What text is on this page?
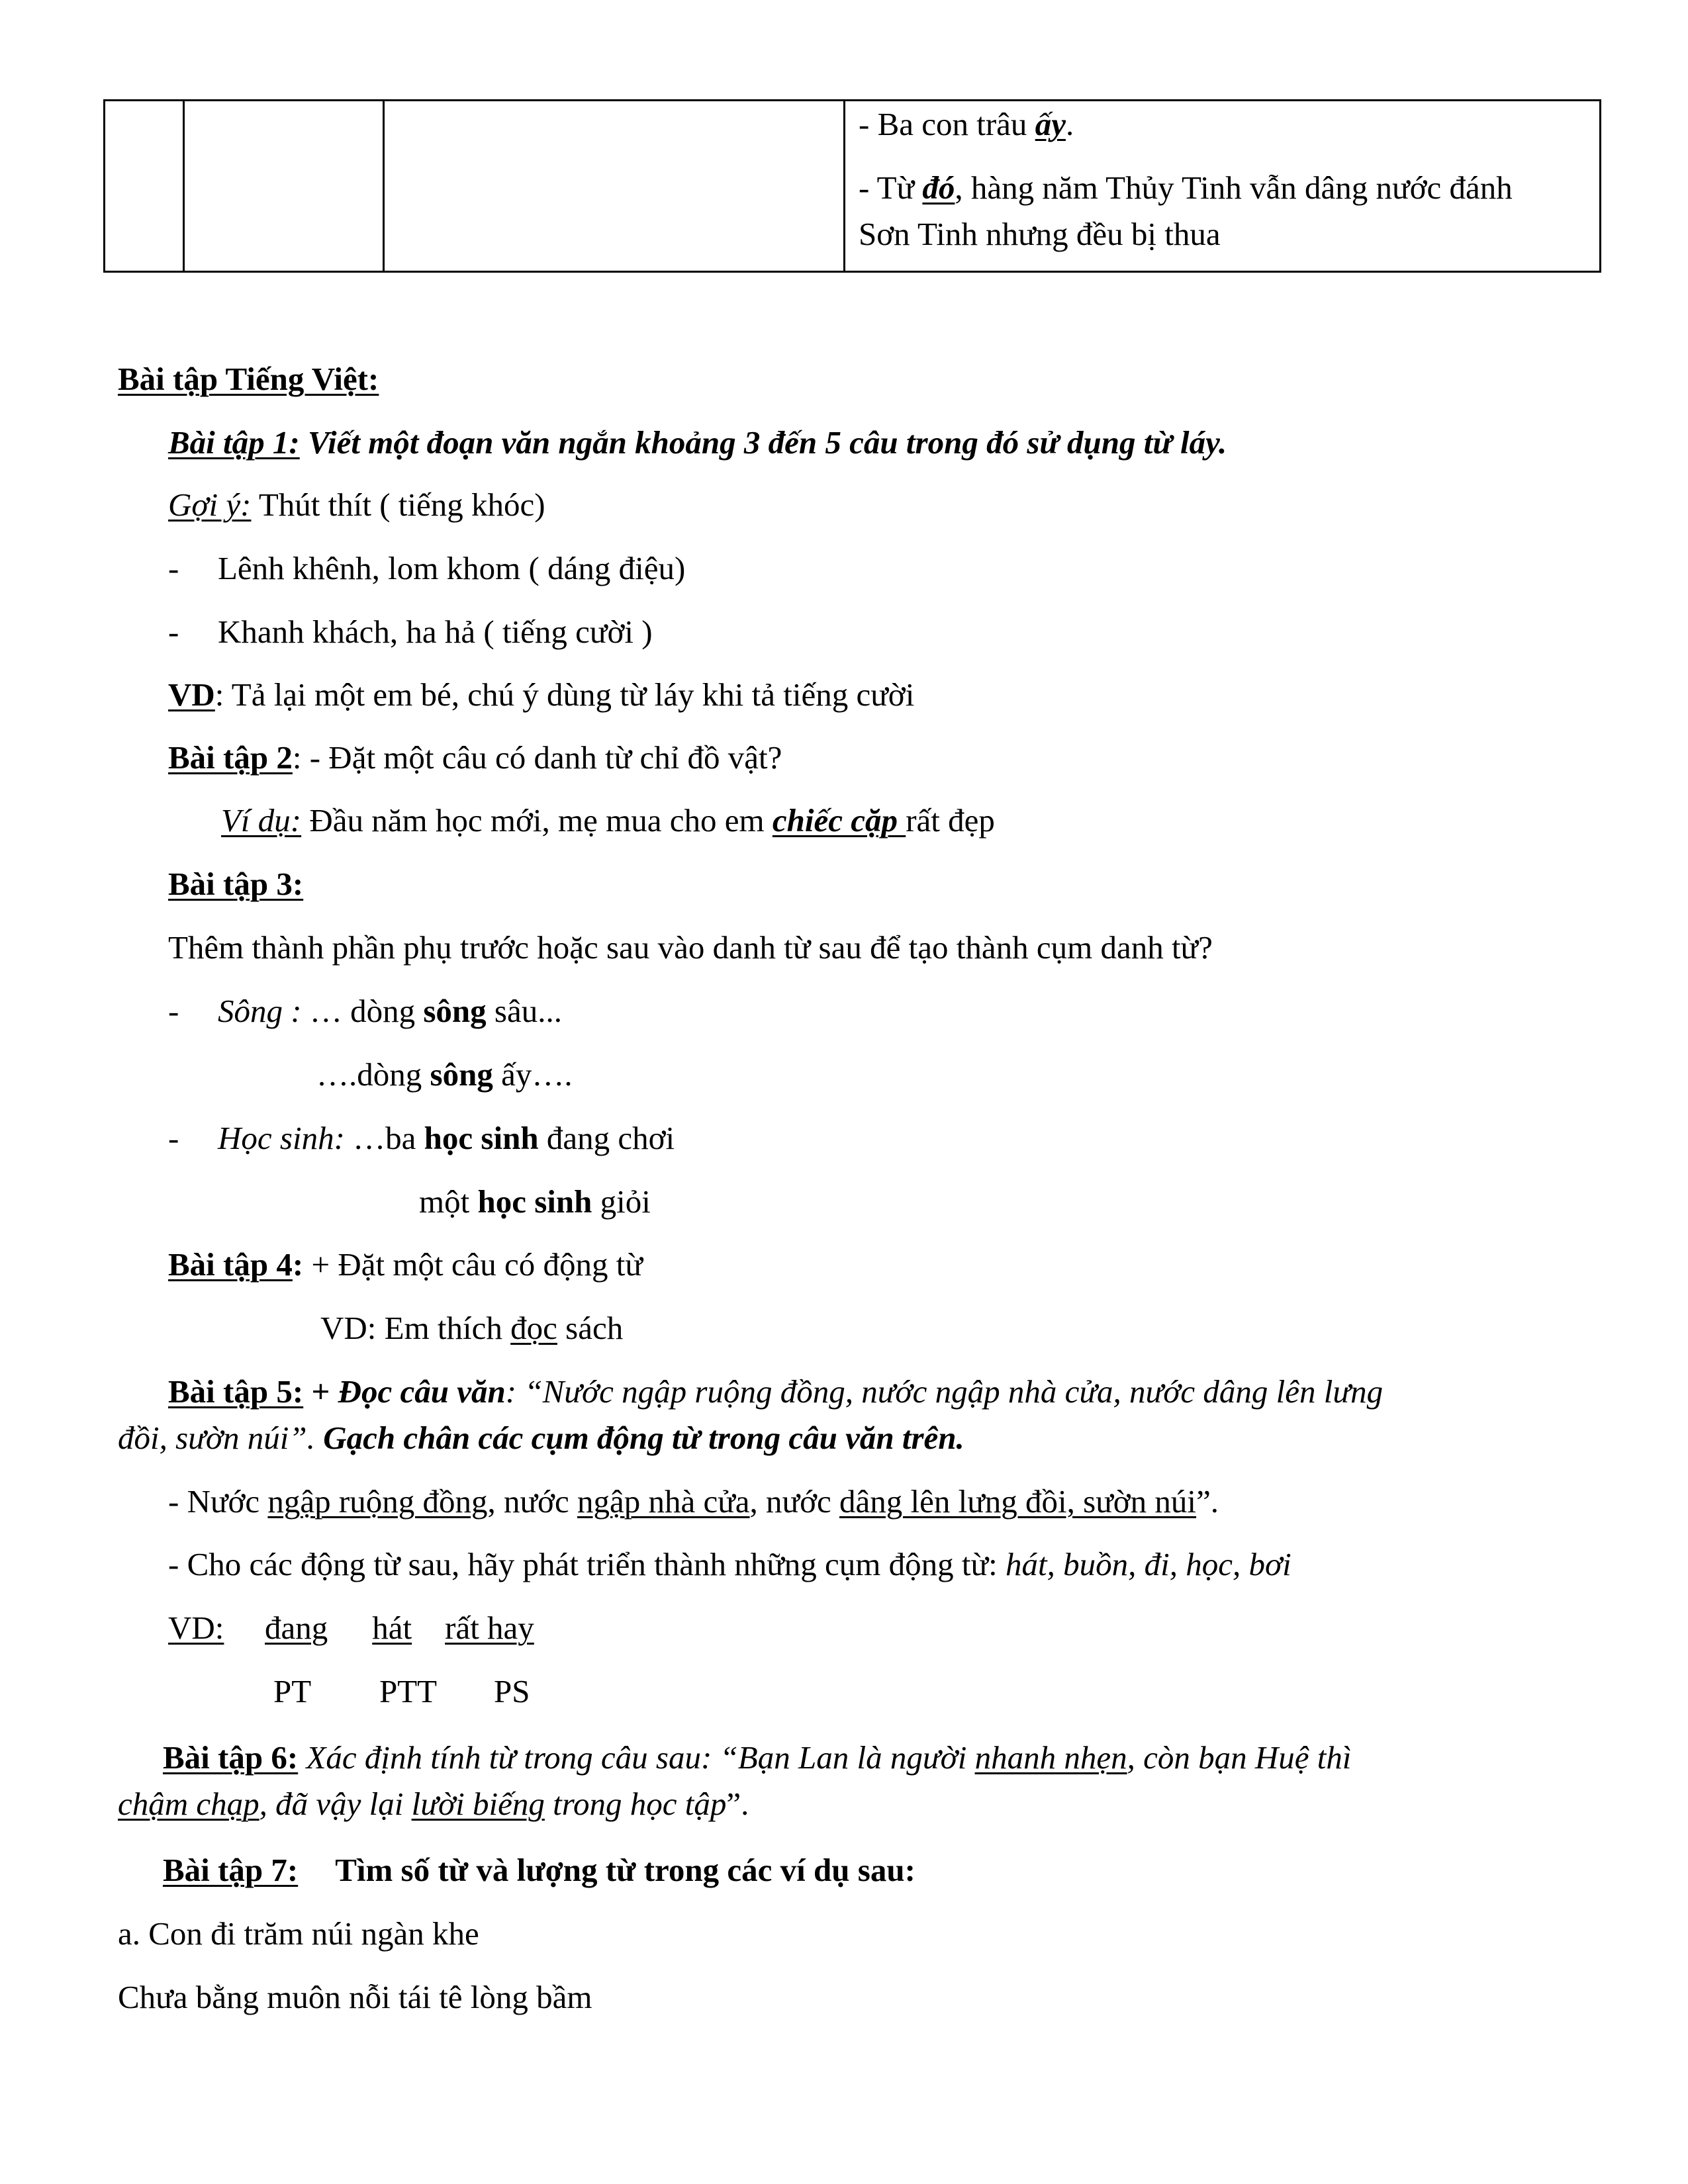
- Ba con trâu ấy.

- Từ đó, hàng năm Thủy Tinh vẫn dâng nước đánh
Sơn Tinh nhưng đều bị thua

Bài tập Tiếng Việt:
Bài tập 1: Viết một đoạn văn ngắn khoảng 3 đến 5 câu trong đó sử dụng từ láy.
Gợi ý: Thút thít ( tiếng khóc)
- Lênh khênh, lom khom ( dáng điệu)
- Khanh khách, ha hả ( tiếng cười )
VD: Tả lại một em bé, chú ý dùng từ láy khi tả tiếng cười
Bài tập 2: - Đặt một câu có danh từ chỉ đồ vật?
Ví dụ: Đầu năm học mới, mẹ mua cho em chiếc cặp rất đẹp
Bài tập 3:
Thêm thành phần phụ trước hoặc sau vào danh từ sau để tạo thành cụm danh từ?
- Sông : … dòng sông sâu...
….dòng sông ấy….
- Học sinh: …ba học sinh đang chơi
một học sinh giỏi
Bài tập 4: + Đặt một câu có động từ
VD: Em thích đọc sách
Bài tập 5: + Đọc câu văn: “Nước ngập ruộng đồng, nước ngập nhà cửa, nước dâng lên lưng
đồi, sườn núi”. Gạch chân các cụm động từ trong câu văn trên.
- Nước ngập ruộng đồng, nước ngập nhà cửa, nước dâng lên lưng đồi, sườn núi”.
- Cho các động từ sau, hãy phát triển thành những cụm động từ: hát, buồn, đi, học, bơi
VD: đang hát rất hay
PT PTT PS
Bài tập 6: Xác định tính từ trong câu sau: “Bạn Lan là người nhanh nhẹn, còn bạn Huệ thì
chậm chạp, đã vậy lại lười biếng trong học tập”.
Bài tập 7: Tìm số từ và lượng từ trong các ví dụ sau:
a. Con đi trăm núi ngàn khe
Chưa bằng muôn nỗi tái tê lòng bầm
